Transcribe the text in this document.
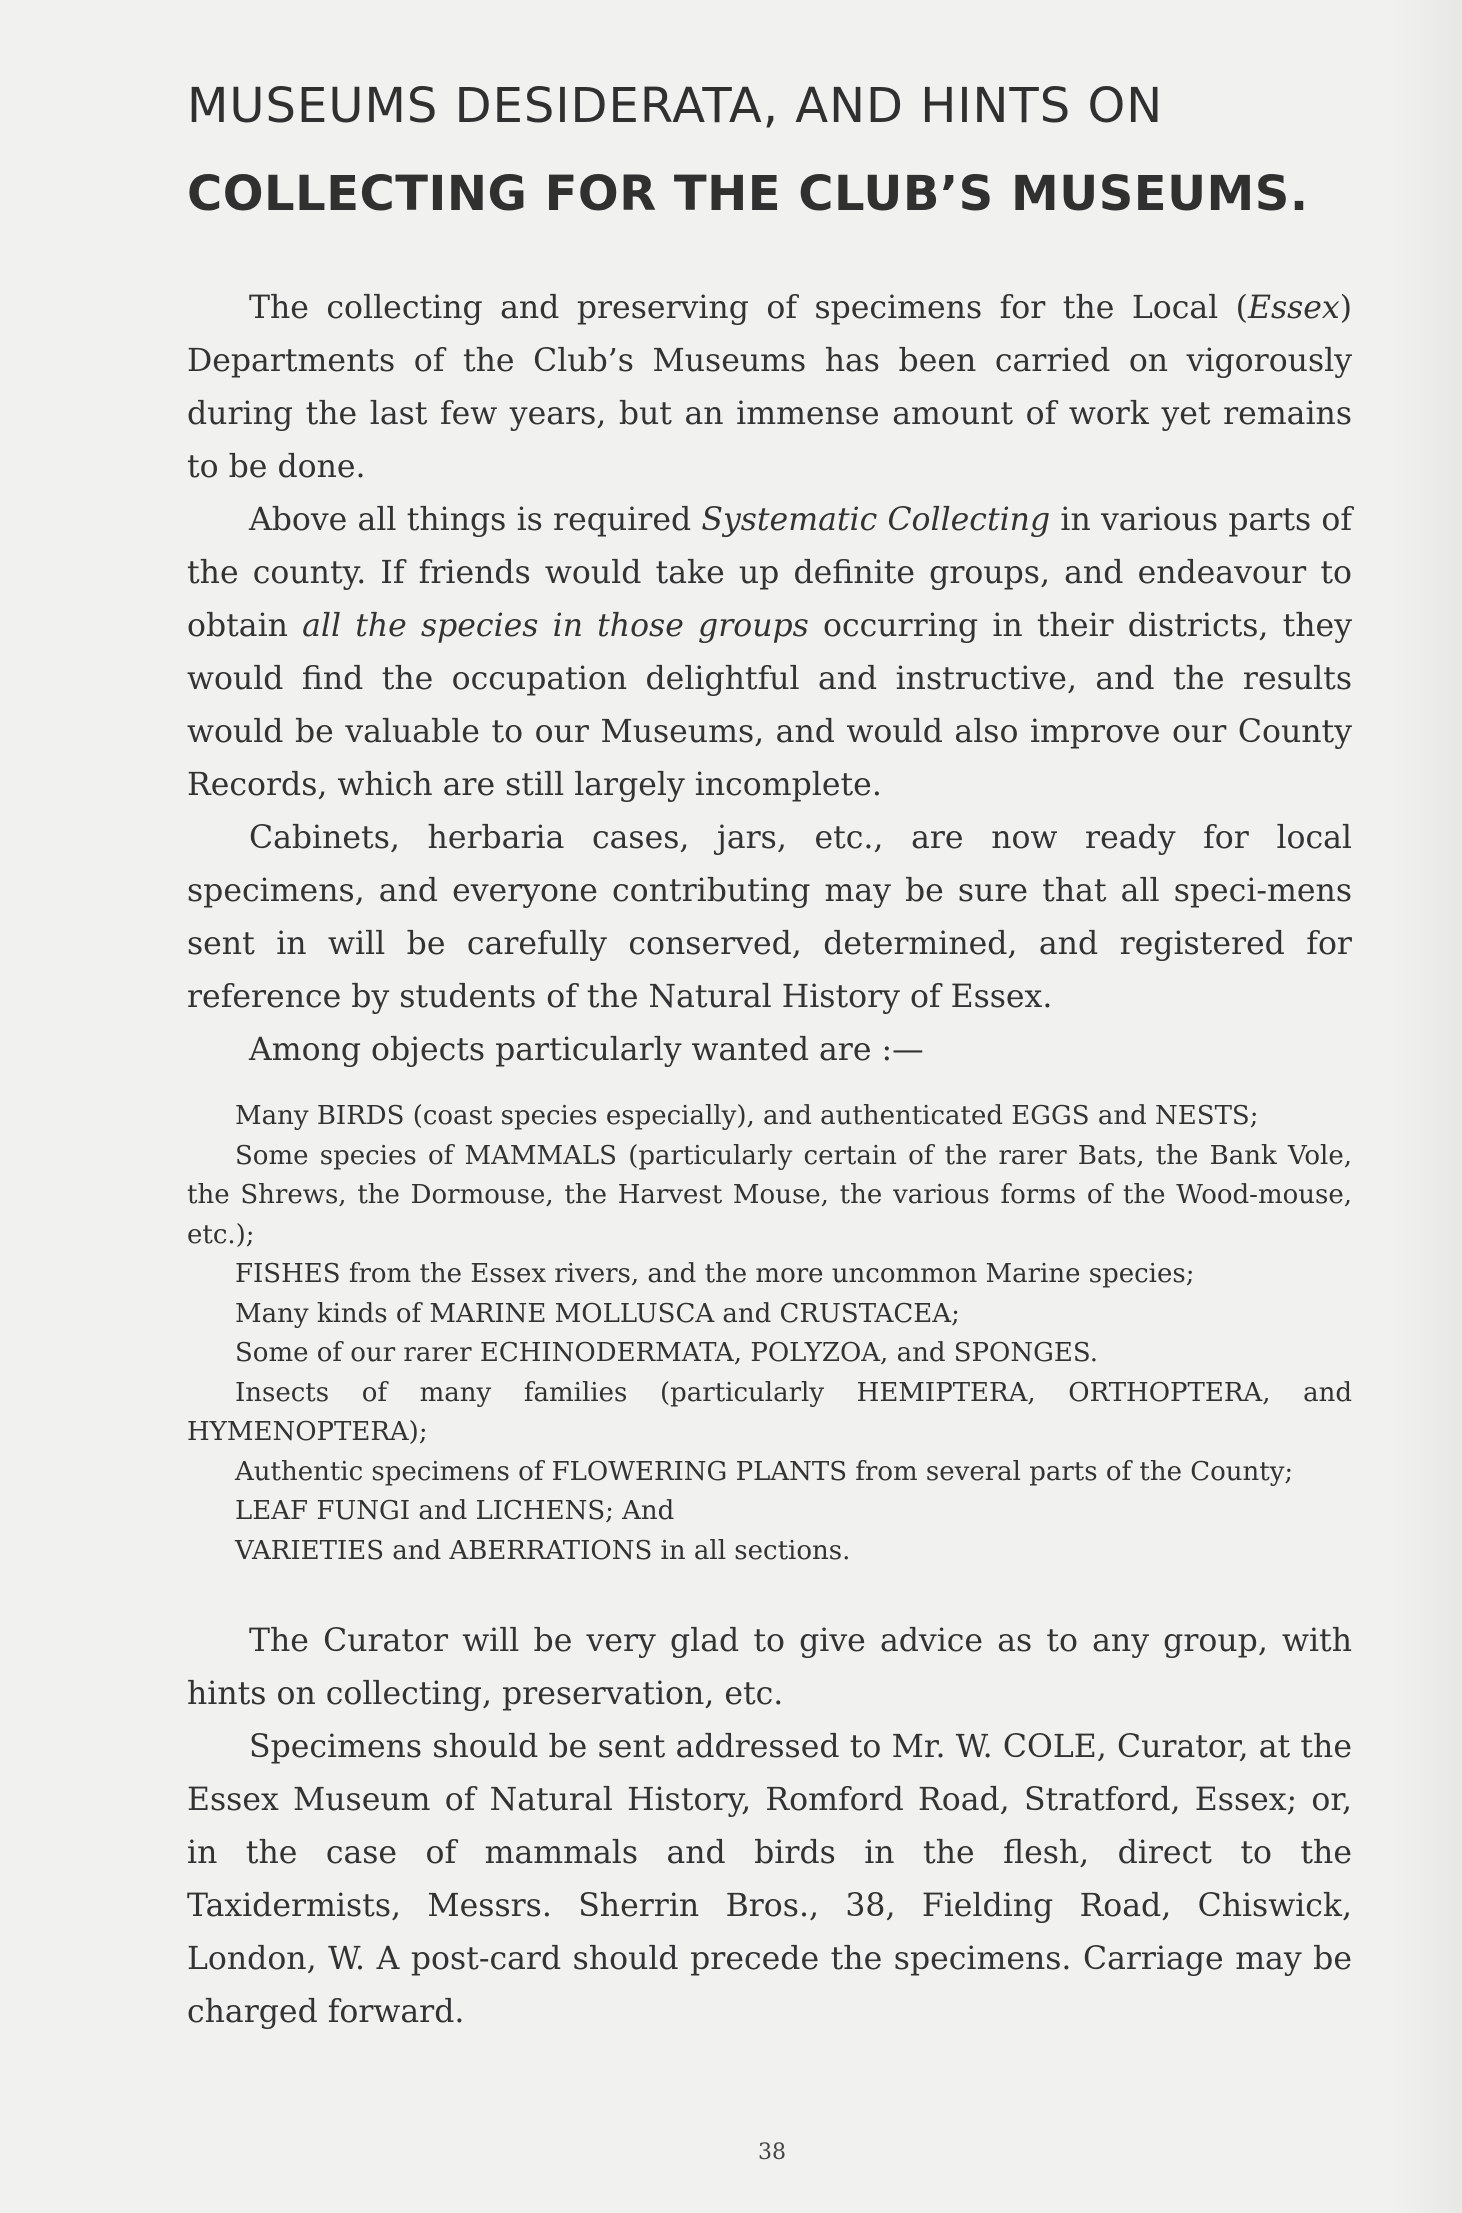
MUSEUMS DESIDERATA, AND HINTS ON
COLLECTING FOR THE CLUB’S MUSEUMS.

The collecting and preserving of specimens for the Local (Essex) Departments of the Club’s Museums has been carried on vigorously during the last few years, but an immense amount of work yet remains to be done.

Above all things is required Systematic Collecting in various parts of the county. If friends would take up definite groups, and endeavour to obtain all the species in those groups occurring in their districts, they would find the occupation delightful and instructive, and the results would be valuable to our Museums, and would also improve our County Records, which are still largely incomplete.

Cabinets, herbaria cases, jars, etc., are now ready for local specimens, and everyone contributing may be sure that all speci-mens sent in will be carefully conserved, determined, and registered for reference by students of the Natural History of Essex.

Among objects particularly wanted are :—

Many BIRDS (coast species especially), and authenticated EGGS and NESTS;
Some species of MAMMALS (particularly certain of the rarer Bats, the Bank Vole, the Shrews, the Dormouse, the Harvest Mouse, the various forms of the Wood-mouse, etc.);
FISHES from the Essex rivers, and the more uncommon Marine species;
Many kinds of MARINE MOLLUSCA and CRUSTACEA;
Some of our rarer ECHINODERMATA, POLYZOA, and SPONGES.
Insects of many families (particularly HEMIPTERA, ORTHOPTERA, and HYMENOPTERA);
Authentic specimens of FLOWERING PLANTS from several parts of the County;
LEAF FUNGI and LICHENS; And
VARIETIES and ABERRATIONS in all sections.

The Curator will be very glad to give advice as to any group, with hints on collecting, preservation, etc.

Specimens should be sent addressed to Mr. W. COLE, Curator, at the Essex Museum of Natural History, Romford Road, Stratford, Essex; or, in the case of mammals and birds in the flesh, direct to the Taxidermists, Messrs. Sherrin Bros., 38, Fielding Road, Chiswick, London, W. A post-card should precede the specimens. Carriage may be charged forward.

38
